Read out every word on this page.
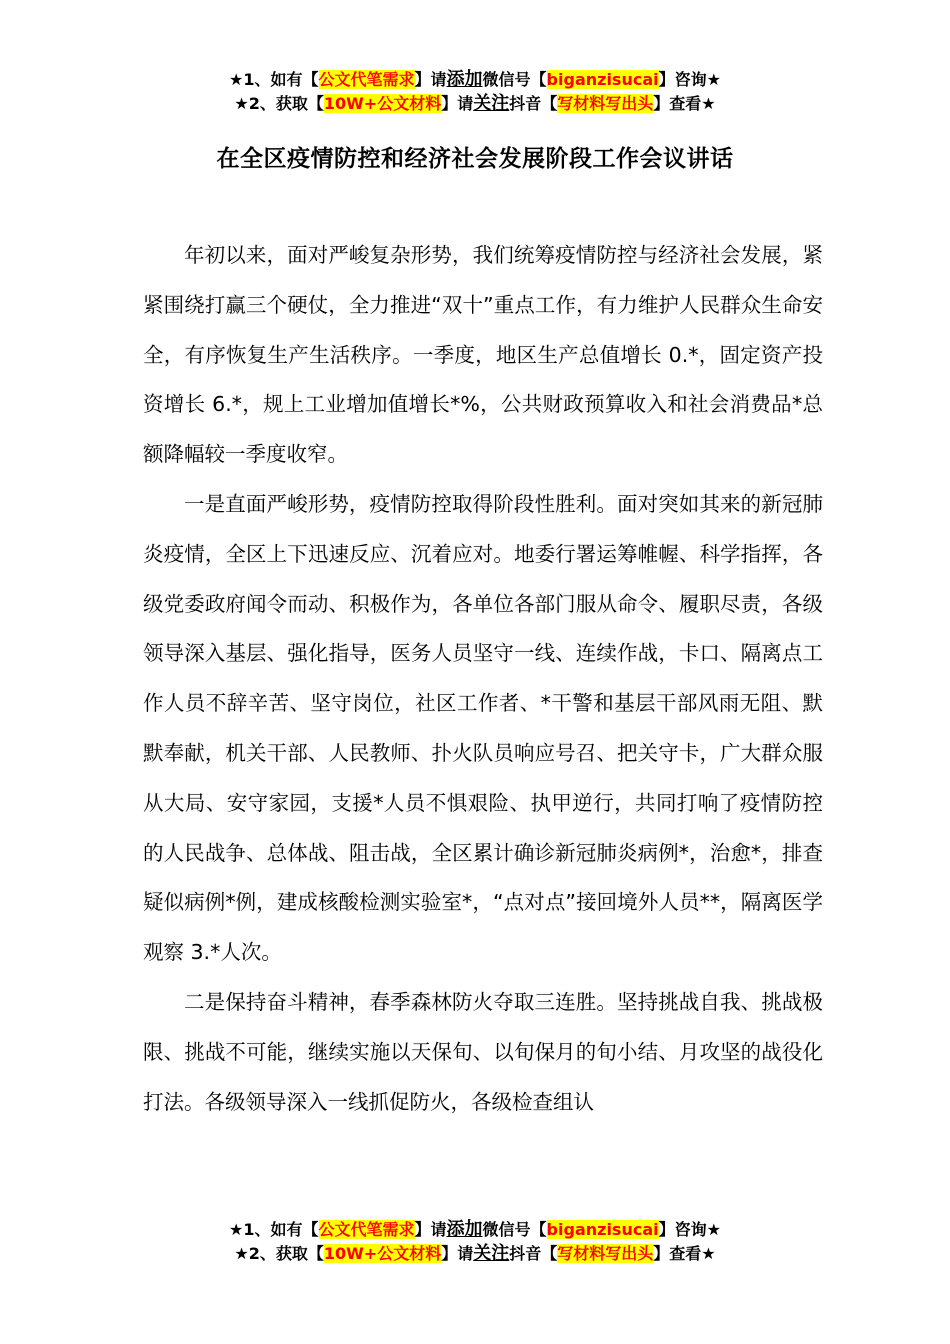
★1、如有【公文代笔需求】请添加微信号【biganzisucai】咨询★
★2、获取【10W+公文材料】请关注抖音【写材料写出头】查看★
在全区疫情防控和经济社会发展阶段工作会议讲话

年初以来，面对严峻复杂形势，我们统筹疫情防控与经济社会发展，紧紧围绕打赢三个硬仗，全力推进“双十”重点工作，有力维护人民群众生命安全，有序恢复生产生活秩序。一季度，地区生产总值增长 0.*，固定资产投资增长 6.*，规上工业增加值增长*%，公共财政预算收入和社会消费品*总额降幅较一季度收窄。

一是直面严峻形势，疫情防控取得阶段性胜利。面对突如其来的新冠肺炎疫情，全区上下迅速反应、沉着应对。地委行署运筹帷幄、科学指挥，各级党委政府闻令而动、积极作为，各单位各部门服从命令、履职尽责，各级领导深入基层、强化指导，医务人员坚守一线、连续作战，卡口、隔离点工作人员不辞辛苦、坚守岗位，社区工作者、*干警和基层干部风雨无阻、默默奉献，机关干部、人民教师、扑火队员响应号召、把关守卡，广大群众服从大局、安守家园，支援*人员不惧艰险、执甲逆行，共同打响了疫情防控的人民战争、总体战、阻击战，全区累计确诊新冠肺炎病例*，治愈*，排查疑似病例*例，建成核酸检测实验室*，“点对点”接回境外人员**，隔离医学观察 3.*人次。

二是保持奋斗精神，春季森林防火夺取三连胜。坚持挑战自我、挑战极限、挑战不可能，继续实施以天保旬、以旬保月的旬小结、月攻坚的战役化打法。各级领导深入一线抓促防火，各级检查组认

★1、如有【公文代笔需求】请添加微信号【biganzisucai】咨询★
★2、获取【10W+公文材料】请关注抖音【写材料写出头】查看★
